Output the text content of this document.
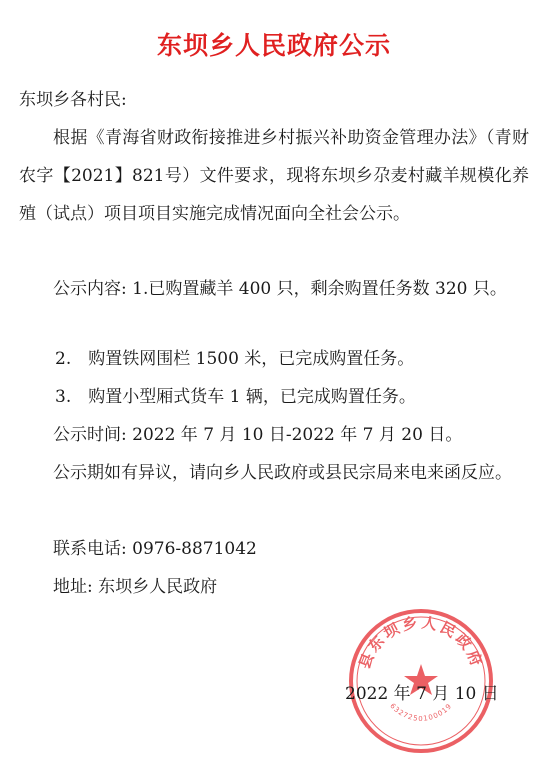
东坝乡人民政府公示

东坝乡各村民:

根据《青海省财政衔接推进乡村振兴补助资金管理办法》（青财农字【2021】821号）文件要求，现将东坝乡尕麦村藏羊规模化养殖（试点）项目项目实施完成情况面向全社会公示。

公示内容: 1.已购置藏羊 400 只，剩余购置任务数 320 只。

2.　购置铁网围栏 1500 米，已完成购置任务。

3.　购置小型厢式货车 1 辆，已完成购置任务。

公示时间: 2022 年 7 月 10 日-2022 年 7 月 20 日。

公示期如有异议，请向乡人民政府或县民宗局来电来函反应。

联系电话: 0976-8871042

地址: 东坝乡人民政府

县东坝乡人民政府
6327250100019
2022 年 7 月 10 日
